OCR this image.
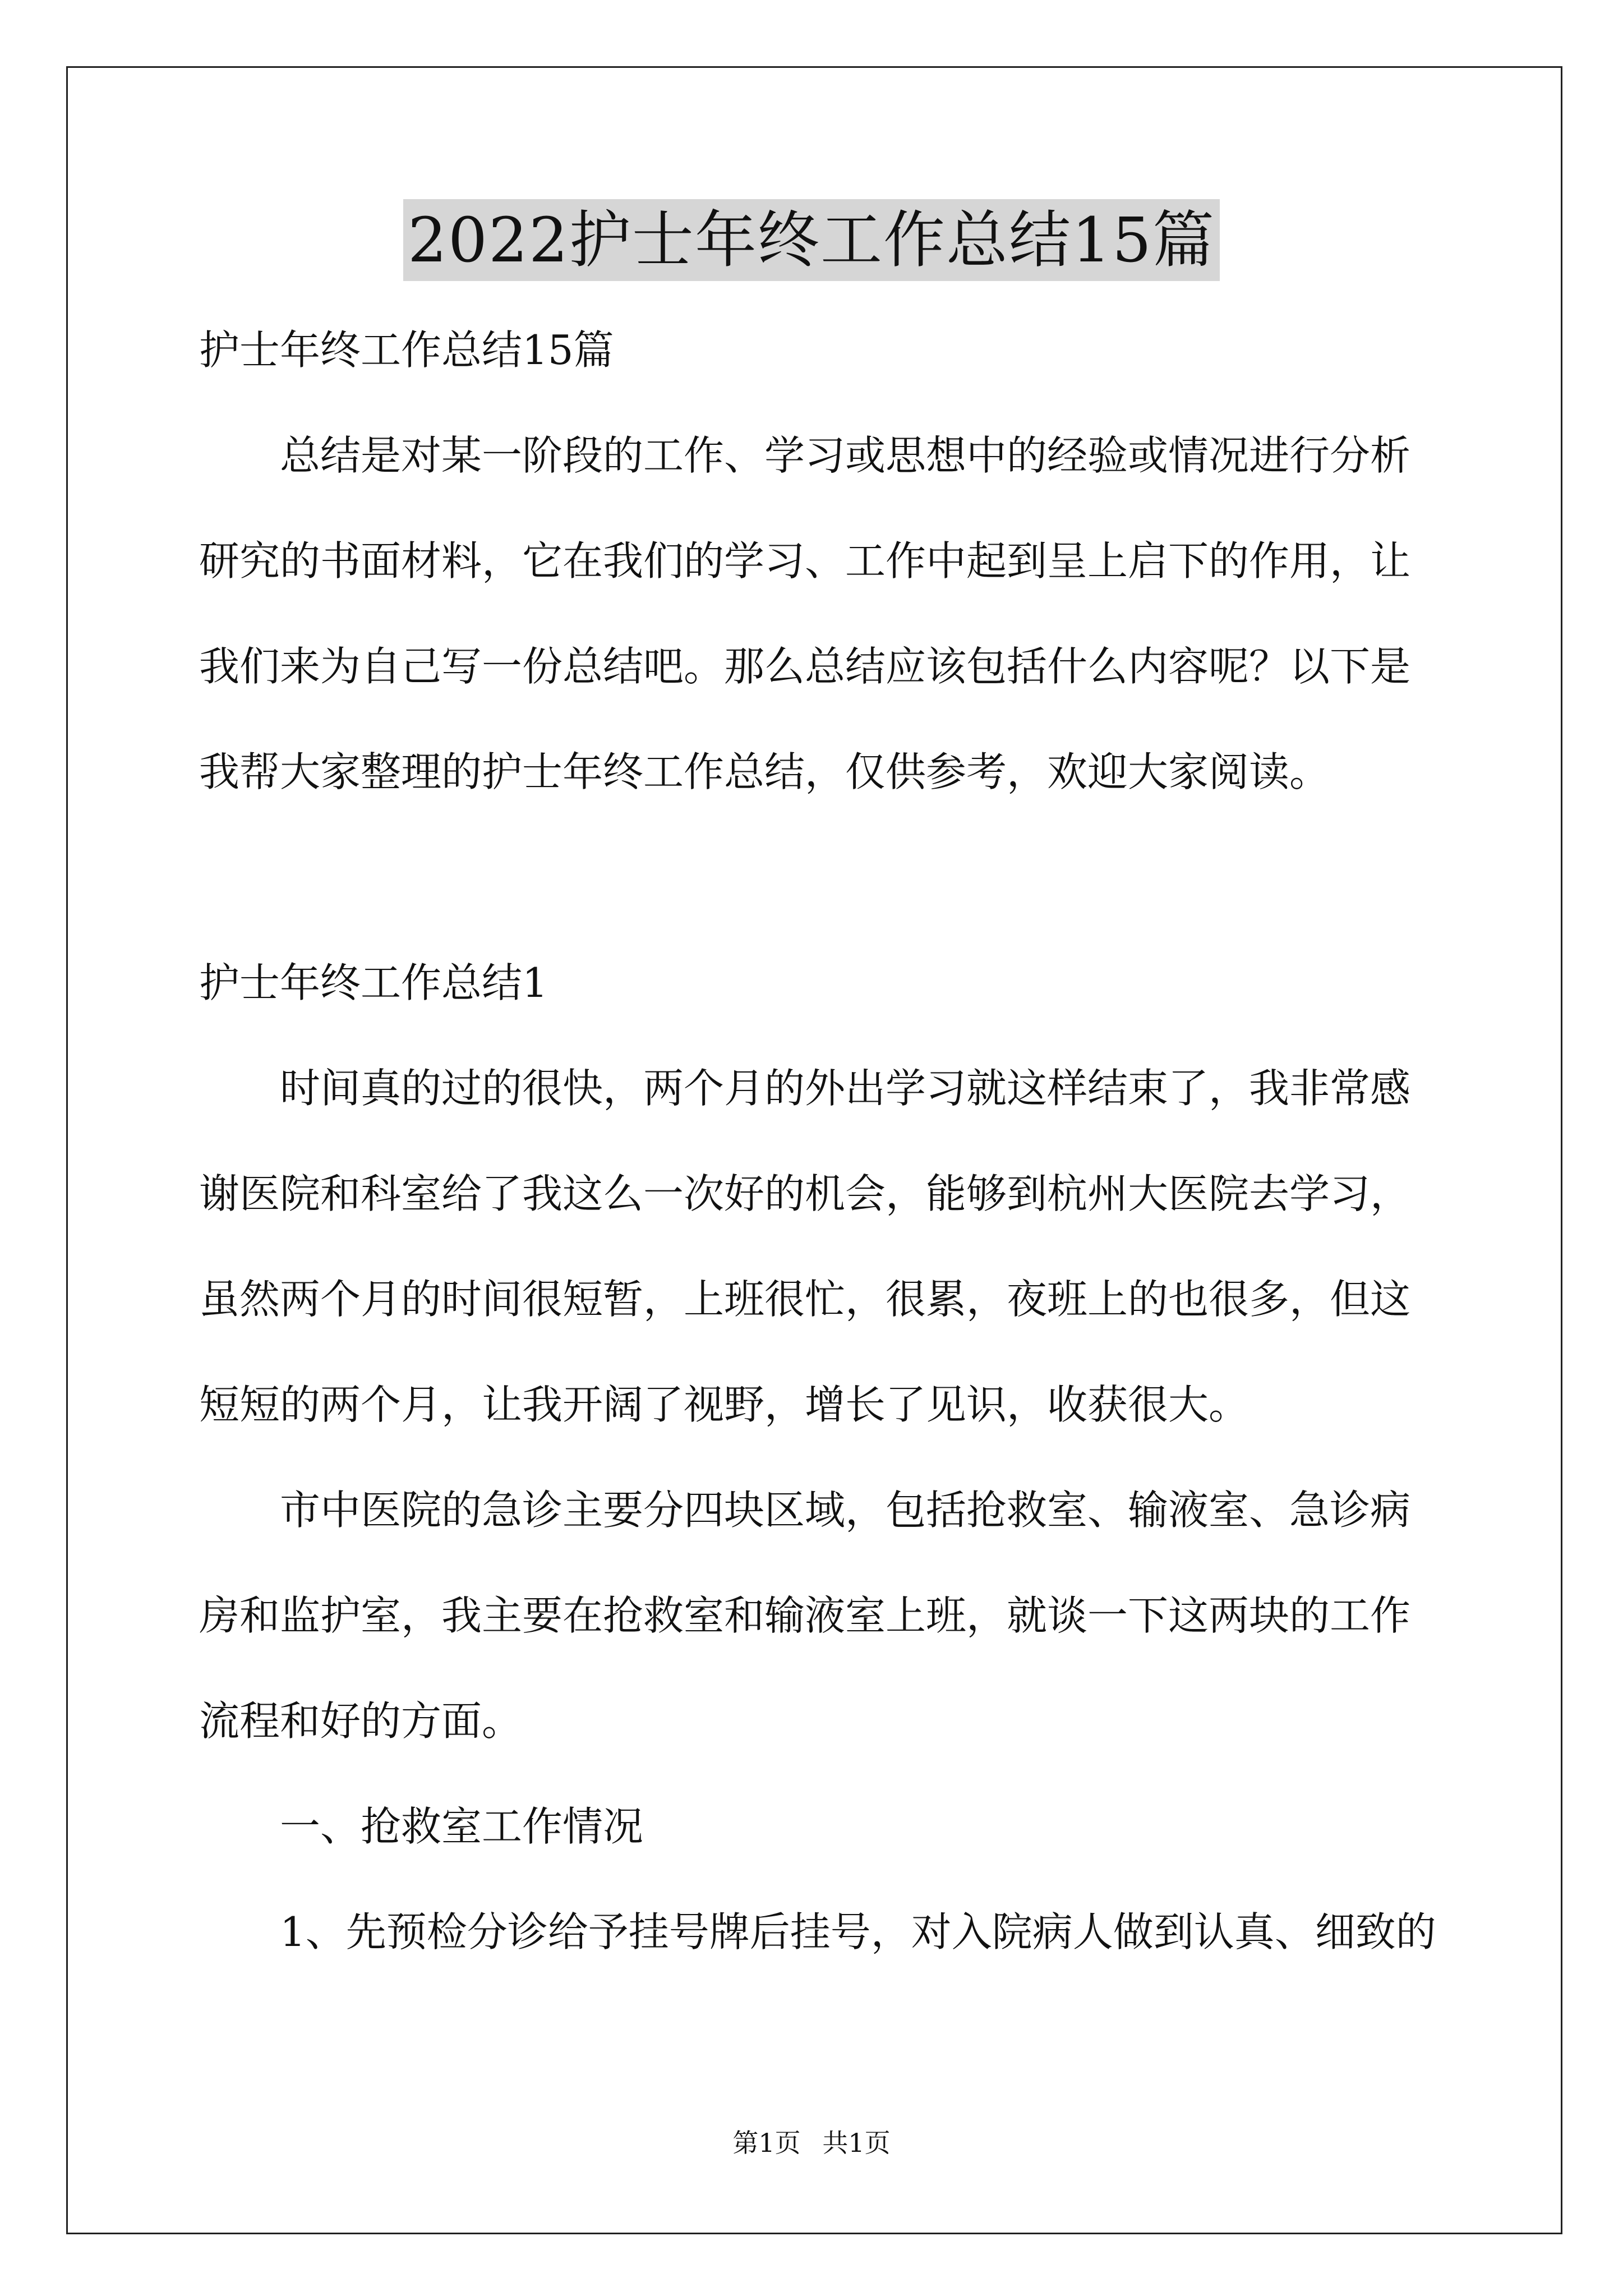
2022护士年终工作总结15篇

护士年终工作总结15篇

总结是对某一阶段的工作、学习或思想中的经验或情况进行分析

研究的书面材料，它在我们的学习、工作中起到呈上启下的作用，让

我们来为自己写一份总结吧。那么总结应该包括什么内容呢？以下是

我帮大家整理的护士年终工作总结，仅供参考，欢迎大家阅读。

护士年终工作总结1

时间真的过的很快，两个月的外出学习就这样结束了，我非常感

谢医院和科室给了我这么一次好的机会，能够到杭州大医院去学习，

虽然两个月的时间很短暂，上班很忙，很累，夜班上的也很多，但这

短短的两个月，让我开阔了视野，增长了见识，收获很大。

市中医院的急诊主要分四块区域，包括抢救室、输液室、急诊病

房和监护室，我主要在抢救室和输液室上班，就谈一下这两块的工作

流程和好的方面。

一、抢救室工作情况

1、先预检分诊给予挂号牌后挂号，对入院病人做到认真、细致的

第1页 共1页
